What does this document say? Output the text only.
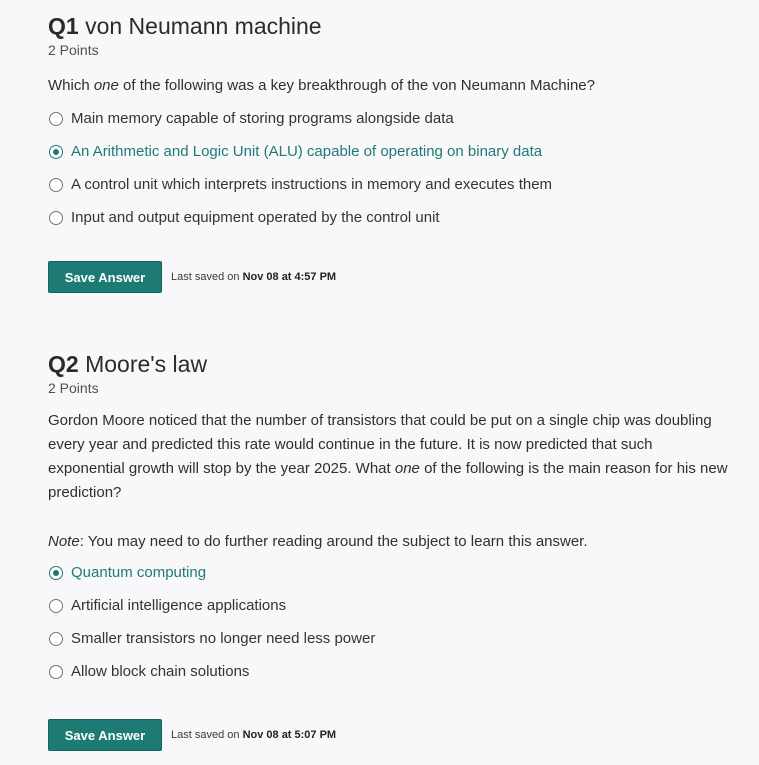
Q1 von Neumann machine
2 Points
Which one of the following was a key breakthrough of the von Neumann Machine?
Main memory capable of storing programs alongside data
An Arithmetic and Logic Unit (ALU) capable of operating on binary data
A control unit which interprets instructions in memory and executes them
Input and output equipment operated by the control unit
Save Answer	Last saved on Nov 08 at 4:57 PM
Q2 Moore's law
2 Points
Gordon Moore noticed that the number of transistors that could be put on a single chip was doubling every year and predicted this rate would continue in the future. It is now predicted that such exponential growth will stop by the year 2025. What one of the following is the main reason for his new prediction?
Note: You may need to do further reading around the subject to learn this answer.
Quantum computing
Artificial intelligence applications
Smaller transistors no longer need less power
Allow block chain solutions
Save Answer	Last saved on Nov 08 at 5:07 PM
